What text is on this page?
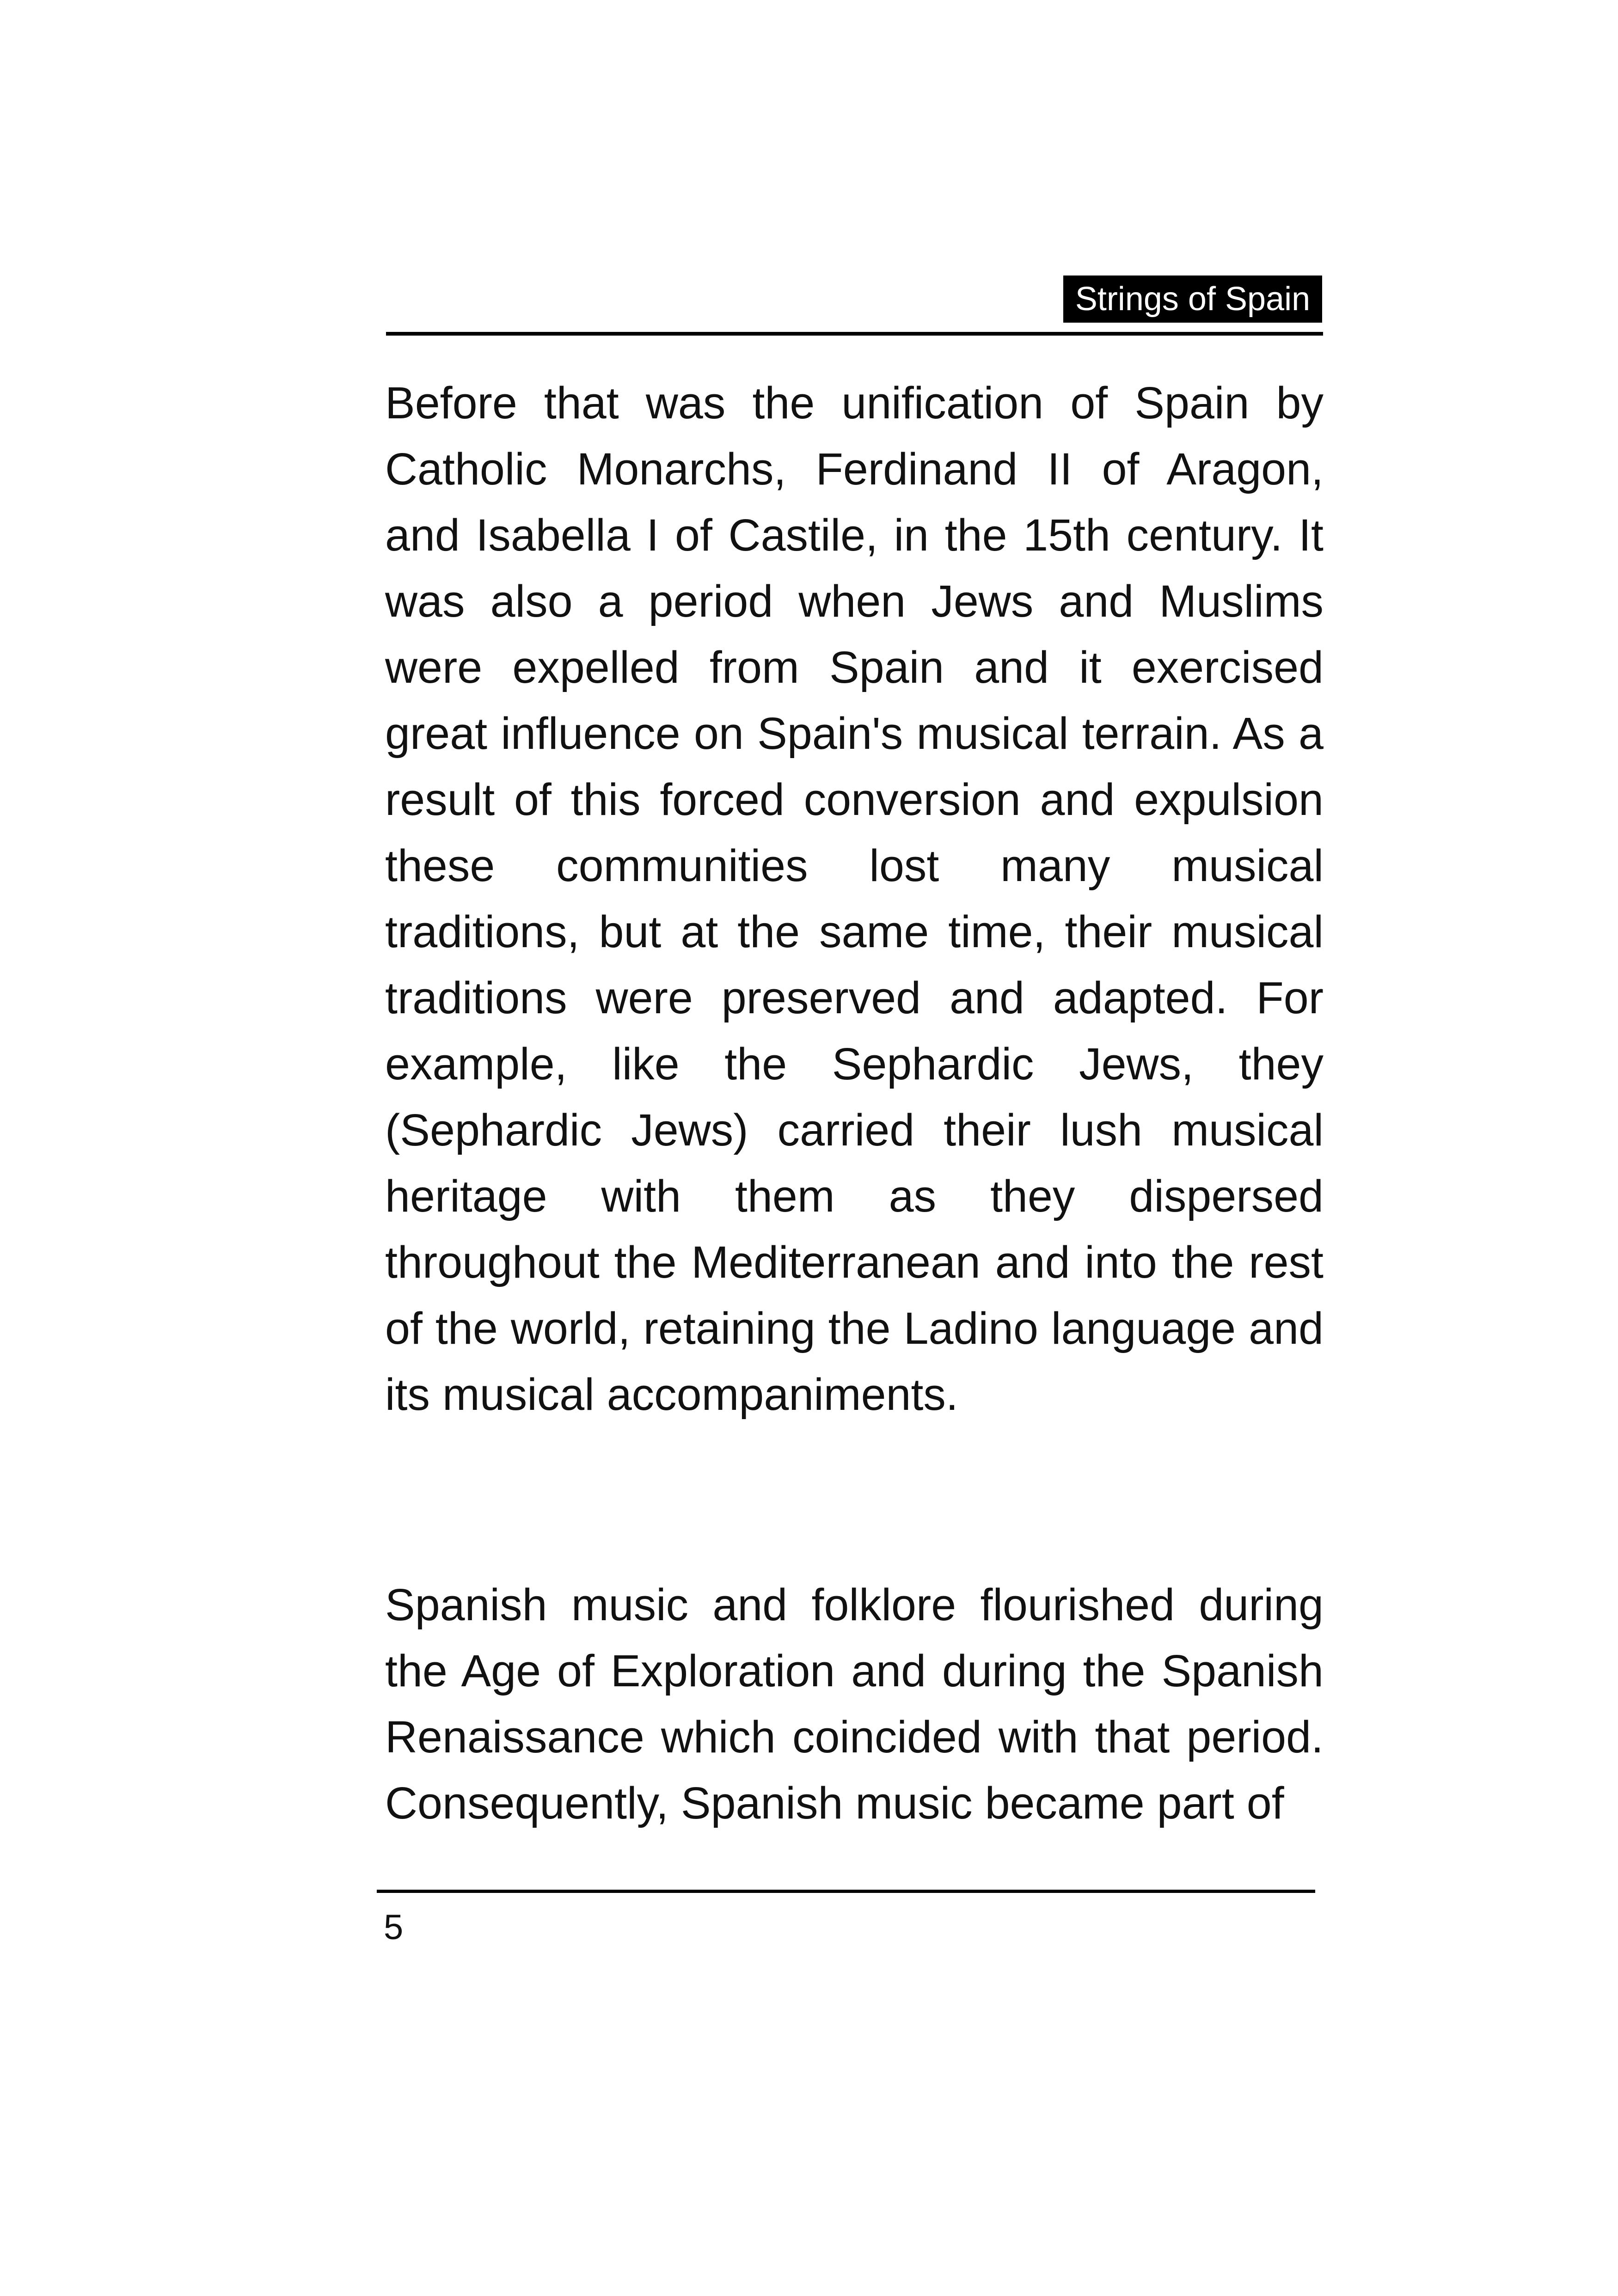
Strings of Spain

Before that was the unification of Spain by Catholic Monarchs, Ferdinand II of Aragon, and Isabella I of Castile, in the 15th century. It was also a period when Jews and Muslims were expelled from Spain and it exercised great influence on Spain's musical terrain. As a result of this forced conversion and expulsion these communities lost many musical traditions, but at the same time, their musical traditions were preserved and adapted. For example, like the Sephardic Jews, they (Sephardic Jews) carried their lush musical heritage with them as they dispersed throughout the Mediterranean and into the rest of the world, retaining the Ladino language and its musical accompaniments.

Spanish music and folklore flourished during the Age of Exploration and during the Spanish Renaissance which coincided with that period. Consequently, Spanish music became part of

5
